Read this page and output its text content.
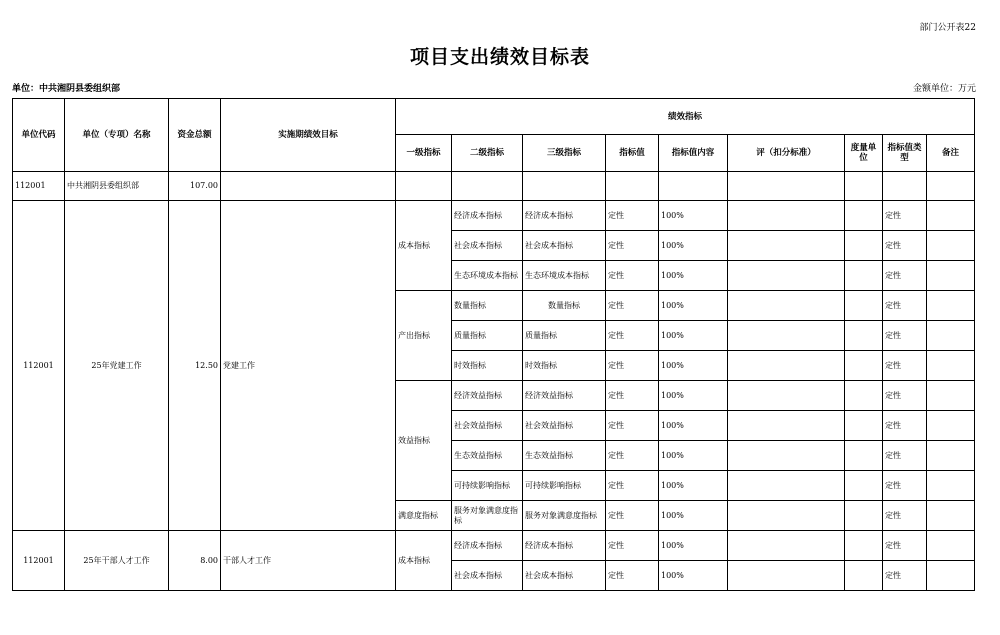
部门公开表22
项目支出绩效目标表
单位：中共湘阴县委组织部	金额单位：万元
单位代码	单位（专项）名称	资金总额	实施期绩效目标	绩效指标								
				一级指标	二级指标	三级指标	指标值	指标值内容	评（扣分标准）	度量单位	指标值类型	备注
112001	中共湘阴县委组织部	107.00										
112001	25年党建工作	12.50	党建工作	成本指标	经济成本指标	经济成本指标	定性	100%			定性	
					社会成本指标	社会成本指标	定性	100%			定性	
					生态环境成本指标	生态环境成本指标	定性	100%			定性	
				产出指标	数量指标	数量指标	定性	100%			定性	
					质量指标	质量指标	定性	100%			定性	
					时效指标	时效指标	定性	100%			定性	
				效益指标	经济效益指标	经济效益指标	定性	100%			定性	
					社会效益指标	社会效益指标	定性	100%			定性	
					生态效益指标	生态效益指标	定性	100%			定性	
					可持续影响指标	可持续影响指标	定性	100%			定性	
				满意度指标	服务对象满意度指标	服务对象满意度指标	定性	100%			定性	
112001	25年干部人才工作	8.00	干部人才工作	成本指标	经济成本指标	经济成本指标	定性	100%			定性	
					社会成本指标	社会成本指标	定性	100%			定性	
